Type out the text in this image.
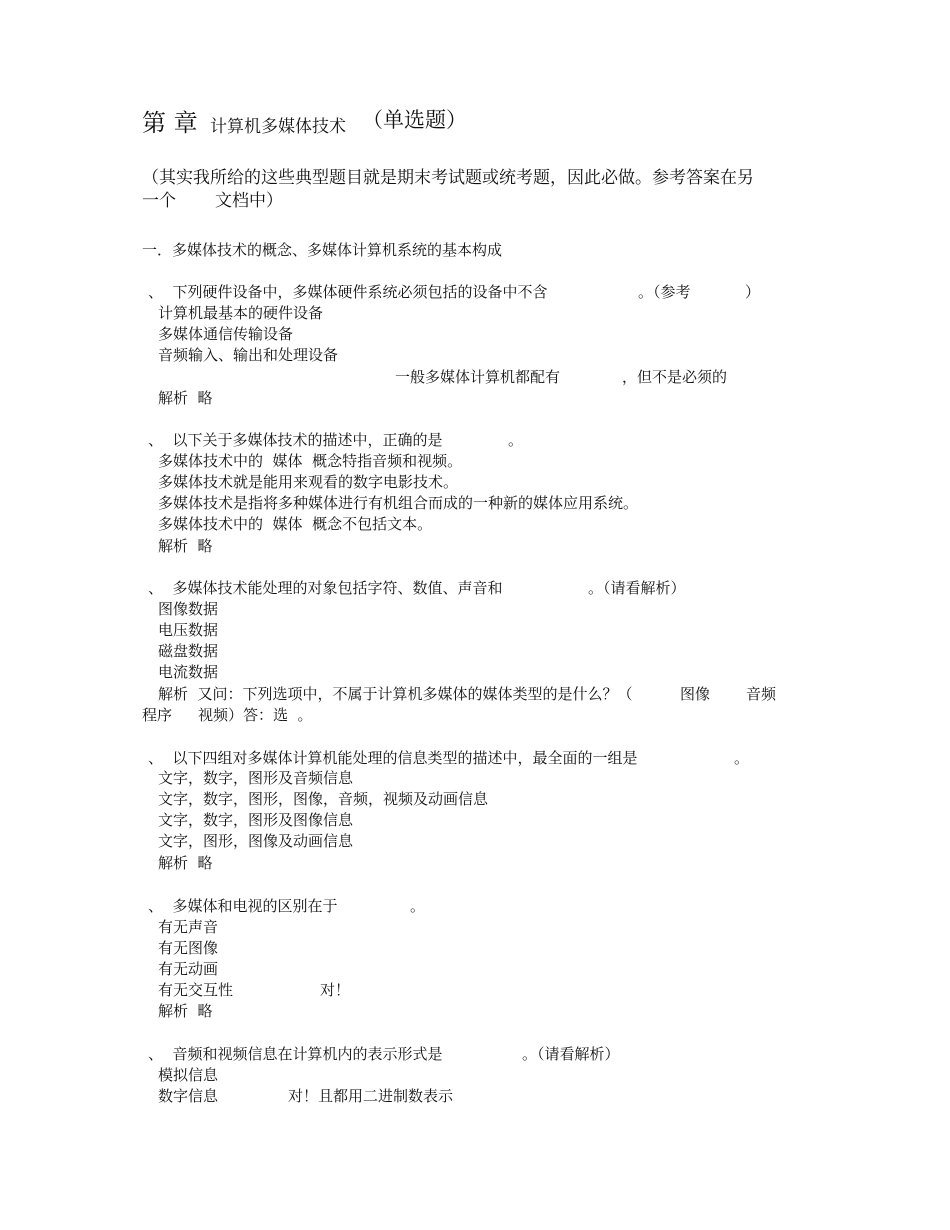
第 章 计算机多媒体技术 （单选题）
（其实我所给的这些典型题目就是期末考试题或统考题，因此必做。参考答案在另
一个 文档中）
一．多媒体技术的概念、多媒体计算机系统的基本构成
、  下列硬件设备中，多媒体硬件系统必须包括的设备中不含	。（参考	）
计算机最基本的硬件设备
多媒体通信传输设备
音频输入、输出和处理设备
一般多媒体计算机都配有	，但不是必须的
解析  略
、  以下关于多媒体技术的描述中，正确的是	。
多媒体技术中的  媒体  概念特指音频和视频。
多媒体技术就是能用来观看的数字电影技术。
多媒体技术是指将多种媒体进行有机组合而成的一种新的媒体应用系统。
多媒体技术中的  媒体  概念不包括文本。
解析  略
、  多媒体技术能处理的对象包括字符、数值、声音和	。（请看解析）
图像数据
电压数据
磁盘数据
电流数据
解析  又问：下列选项中，不属于计算机多媒体的媒体类型的是什么？（	图像 音频
程序 视频）答：选  。
、  以下四组对多媒体计算机能处理的信息类型的描述中，最全面的一组是	。
文字，数字，图形及音频信息
文字，数字，图形，图像，音频，视频及动画信息
文字，数字，图形及图像信息
文字，图形，图像及动画信息
解析  略
、  多媒体和电视的区别在于	。
有无声音
有无图像
有无动画
有无交互性	对！
解析  略
、  音频和视频信息在计算机内的表示形式是	。（请看解析）
模拟信息
数字信息	对！且都用二进制数表示
